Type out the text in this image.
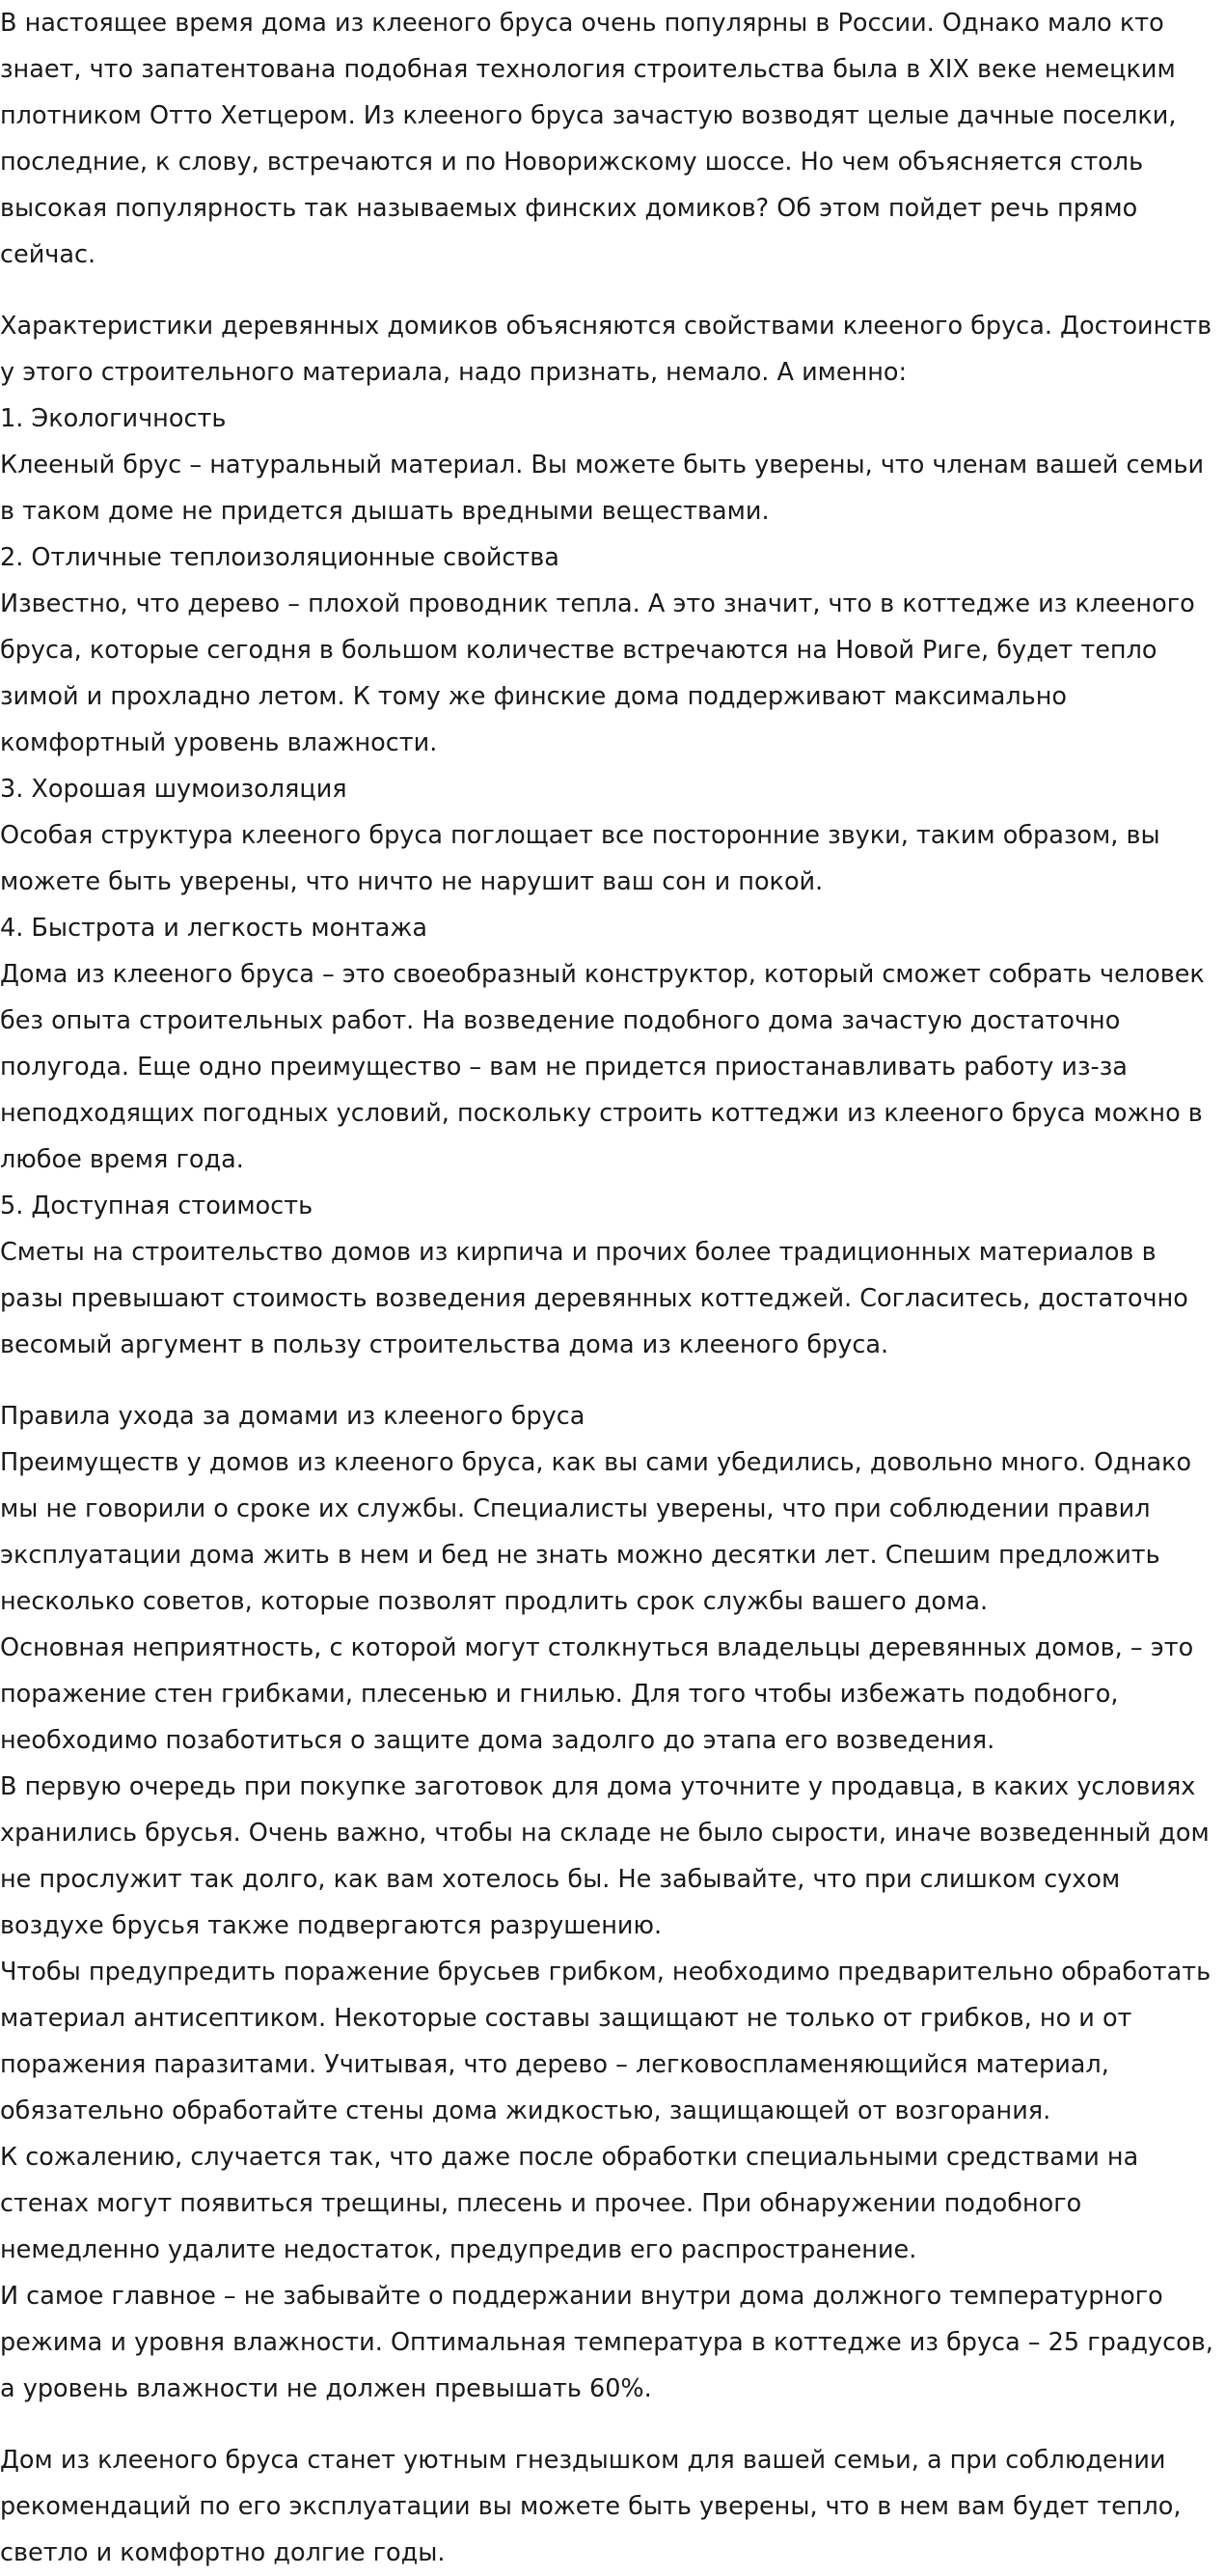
В настоящее время дома из клееного бруса очень популярны в России. Однако мало кто знает, что запатентована подобная технология строительства была в XIX веке немецким плотником Отто Хетцером. Из клееного бруса зачастую возводят целые дачные поселки, последние, к слову, встречаются и по Новорижскому шоссе. Но чем объясняется столь высокая популярность так называемых финских домиков? Об этом пойдет речь прямо сейчас.

Характеристики деревянных домиков объясняются свойствами клееного бруса. Достоинств у этого строительного материала, надо признать, немало. А именно:

1. Экологичность

Клееный брус – натуральный материал. Вы можете быть уверены, что членам вашей семьи в таком доме не придется дышать вредными веществами.

2. Отличные теплоизоляционные свойства

Известно, что дерево – плохой проводник тепла. А это значит, что в коттедже из клееного бруса, которые сегодня в большом количестве встречаются на Новой Риге, будет тепло зимой и прохладно летом. К тому же финские дома поддерживают максимально комфортный уровень влажности.

3. Хорошая шумоизоляция

Особая структура клееного бруса поглощает все посторонние звуки, таким образом, вы можете быть уверены, что ничто не нарушит ваш сон и покой.

4. Быстрота и легкость монтажа

Дома из клееного бруса – это своеобразный конструктор, который сможет собрать человек без опыта строительных работ. На возведение подобного дома зачастую достаточно полугода. Еще одно преимущество – вам не придется приостанавливать работу из-за неподходящих погодных условий, поскольку строить коттеджи из клееного бруса можно в любое время года.

5. Доступная стоимость

Сметы на строительство домов из кирпича и прочих более традиционных материалов в разы превышают стоимость возведения деревянных коттеджей. Согласитесь, достаточно весомый аргумент в пользу строительства дома из клееного бруса.

Правила ухода за домами из клееного бруса

Преимуществ у домов из клееного бруса, как вы сами убедились, довольно много. Однако мы не говорили о сроке их службы. Специалисты уверены, что при соблюдении правил эксплуатации дома жить в нем и бед не знать можно десятки лет. Спешим предложить несколько советов, которые позволят продлить срок службы вашего дома.

Основная неприятность, с которой могут столкнуться владельцы деревянных домов, – это поражение стен грибками, плесенью и гнилью. Для того чтобы избежать подобного, необходимо позаботиться о защите дома задолго до этапа его возведения.

В первую очередь при покупке заготовок для дома уточните у продавца, в каких условиях хранились брусья. Очень важно, чтобы на складе не было сырости, иначе возведенный дом не прослужит так долго, как вам хотелось бы. Не забывайте, что при слишком сухом воздухе брусья также подвергаются разрушению.

Чтобы предупредить поражение брусьев грибком, необходимо предварительно обработать материал антисептиком. Некоторые составы защищают не только от грибков, но и от поражения паразитами. Учитывая, что дерево – легковоспламеняющийся материал, обязательно обработайте стены дома жидкостью, защищающей от возгорания.

К сожалению, случается так, что даже после обработки специальными средствами на стенах могут появиться трещины, плесень и прочее. При обнаружении подобного немедленно удалите недостаток, предупредив его распространение.

И самое главное – не забывайте о поддержании внутри дома должного температурного режима и уровня влажности. Оптимальная температура в коттедже из бруса – 25 градусов, а уровень влажности не должен превышать 60%.

Дом из клееного бруса станет уютным гнездышком для вашей семьи, а при соблюдении рекомендаций по его эксплуатации вы можете быть уверены, что в нем вам будет тепло, светло и комфортно долгие годы.
